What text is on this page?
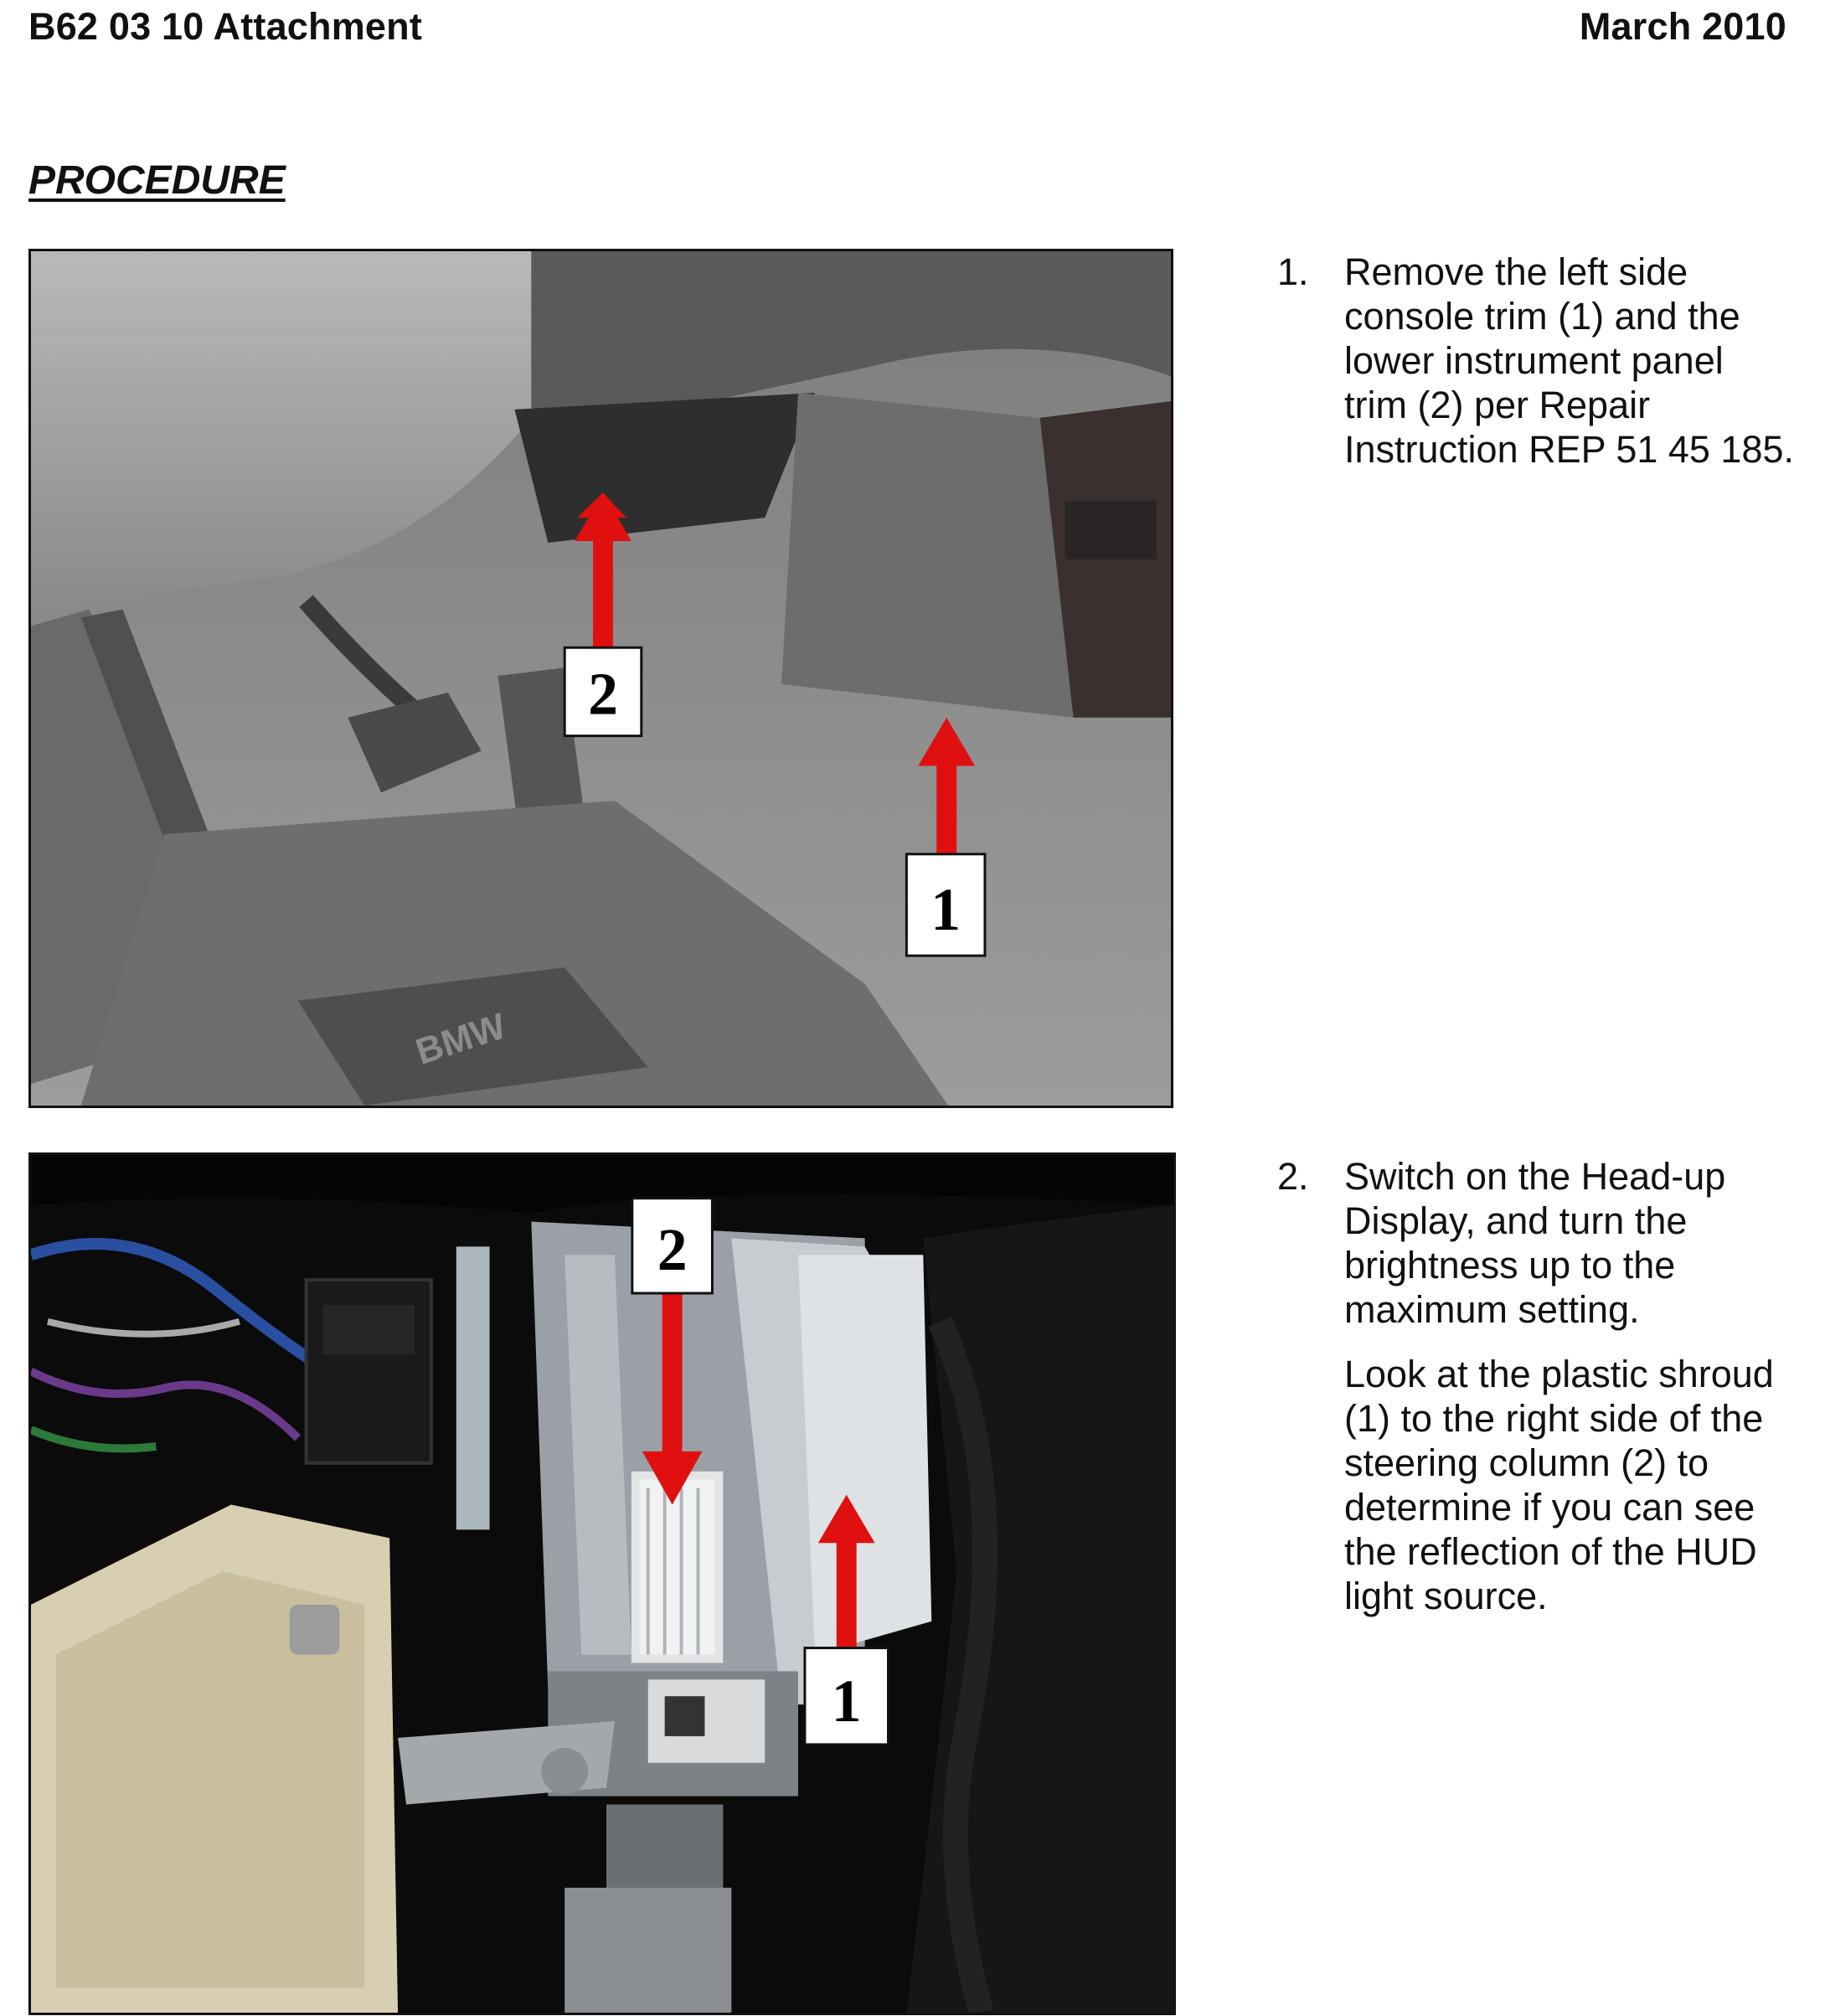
B62 03 10 Attachment	March 2010
PROCEDURE
BMW
2
1
2
1
1. Remove the left side console trim (1) and the lower instrument panel trim (2) per Repair Instruction REP 51 45 185.

2. Switch on the Head-up Display, and turn the brightness up to the maximum setting.

Look at the plastic shroud (1) to the right side of the steering column (2) to determine if you can see the reflection of the HUD light source.
